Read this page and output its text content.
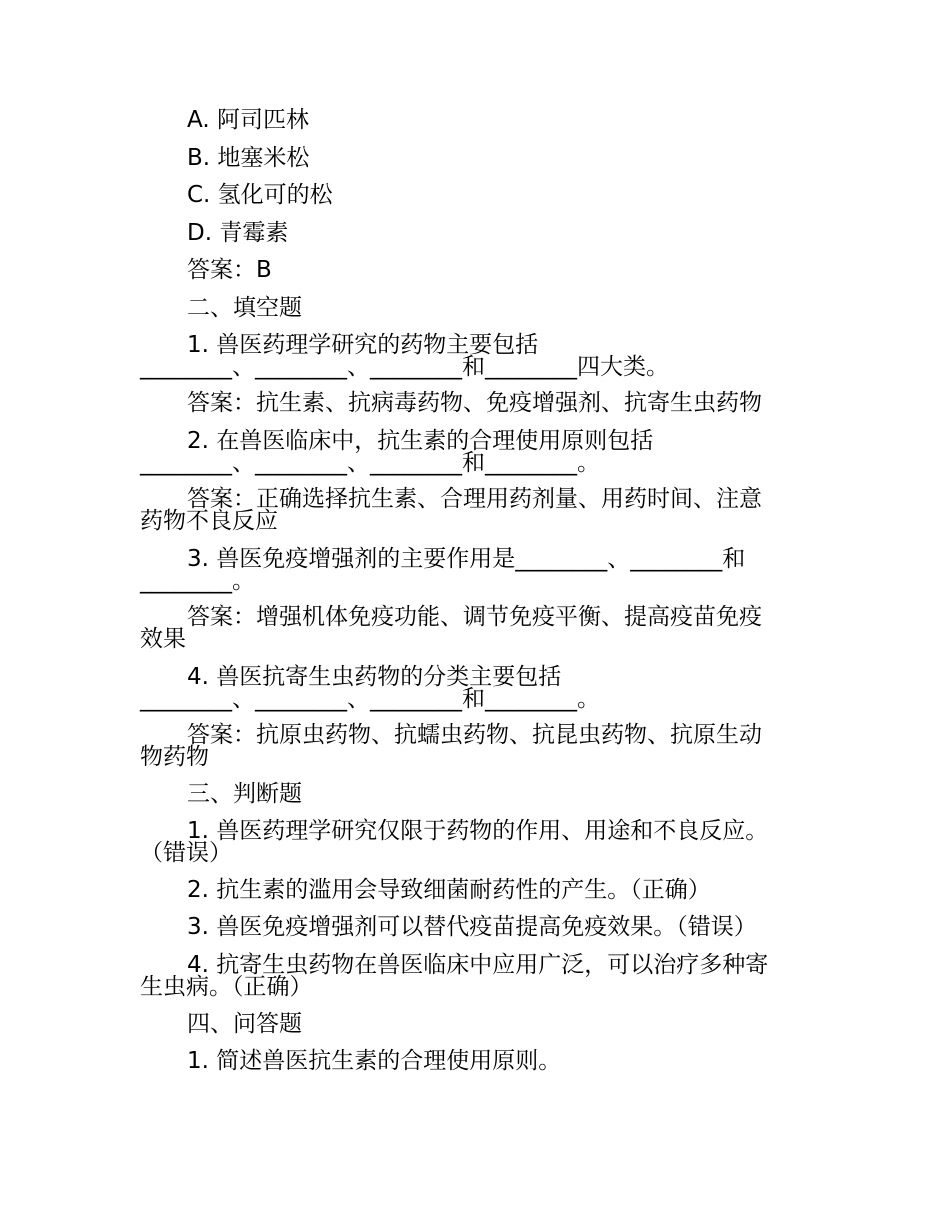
A. 阿司匹林
B. 地塞米松
C. 氢化可的松
D. 青霉素
答案：B
二、填空题
1. 兽医药理学研究的药物主要包括
________、________、________和________四大类。
答案：抗生素、抗病毒药物、免疫增强剂、抗寄生虫药物
2. 在兽医临床中，抗生素的合理使用原则包括
________、________、________和________。
答案：正确选择抗生素、合理用药剂量、用药时间、注意
药物不良反应
3. 兽医免疫增强剂的主要作用是________、________和
________。
答案：增强机体免疫功能、调节免疫平衡、提高疫苗免疫
效果
4. 兽医抗寄生虫药物的分类主要包括
________、________、________和________。
答案：抗原虫药物、抗蠕虫药物、抗昆虫药物、抗原生动
物药物
三、判断题
1. 兽医药理学研究仅限于药物的作用、用途和不良反应。
（错误）
2. 抗生素的滥用会导致细菌耐药性的产生。（正确）
3. 兽医免疫增强剂可以替代疫苗提高免疫效果。（错误）
4. 抗寄生虫药物在兽医临床中应用广泛，可以治疗多种寄
生虫病。（正确）
四、问答题
1. 简述兽医抗生素的合理使用原则。
